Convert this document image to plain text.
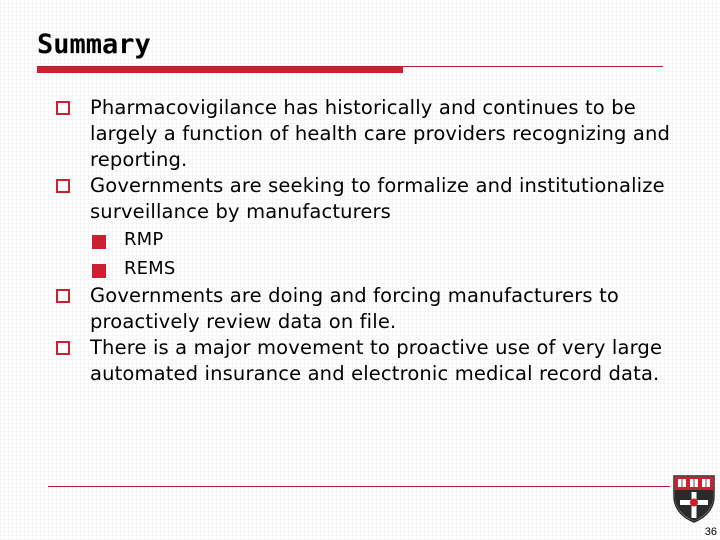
Summary
Pharmacovigilance has historically and continues to be largely a function of health care providers recognizing and reporting.
Governments are seeking to formalize and institutionalize surveillance by manufacturers
RMP
REMS
Governments are doing and forcing manufacturers to proactively review data on file.
There is a major movement to proactive use of very large automated insurance and electronic medical record data.
36
